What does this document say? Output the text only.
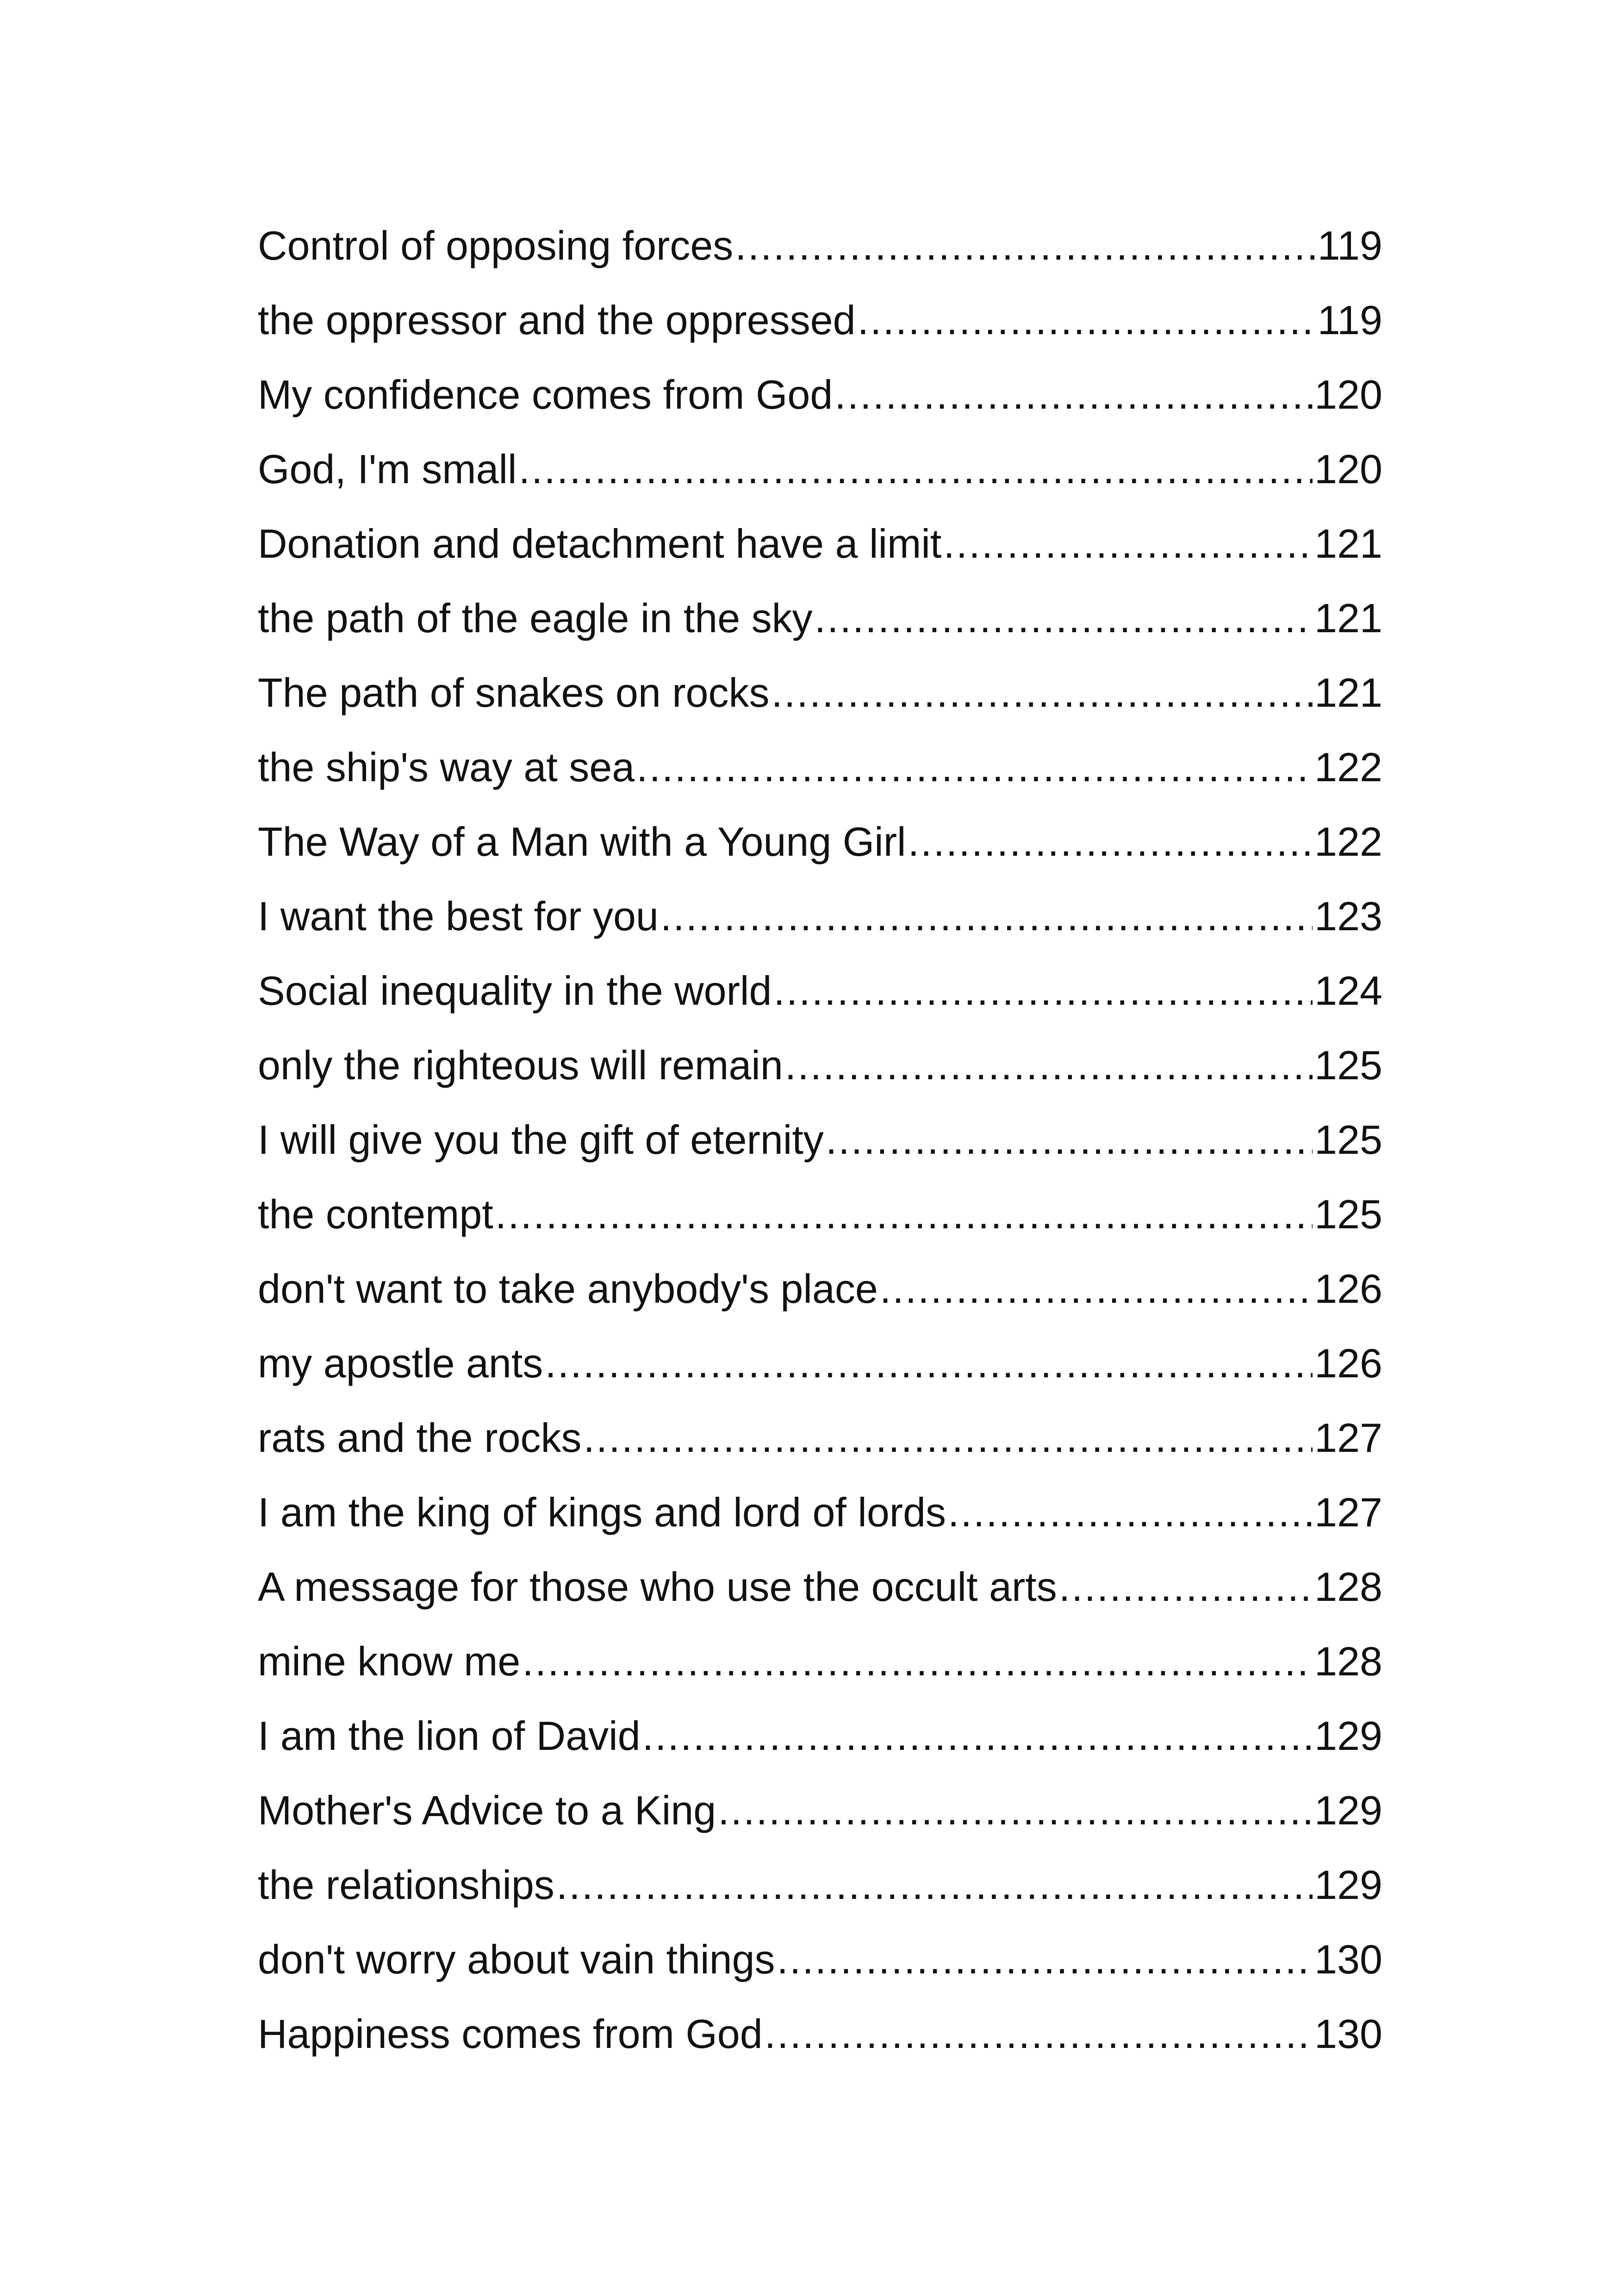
Control of opposing forces .....	119
the oppressor and the oppressed .....	119
My confidence comes from God .....	120
God, I'm small .....	120
Donation and detachment have a limit .....	121
the path of the eagle in the sky .....	121
The path of snakes on rocks .....	121
the ship's way at sea .....	122
The Way of a Man with a Young Girl .....	122
I want the best for you .....	123
Social inequality in the world .....	124
only the righteous will remain .....	125
I will give you the gift of eternity .....	125
the contempt .....	125
don't want to take anybody's place .....	126
my apostle ants .....	126
rats and the rocks .....	127
I am the king of kings and lord of lords .....	127
A message for those who use the occult arts .....	128
mine know me .....	128
I am the lion of David .....	129
Mother's Advice to a King .....	129
the relationships .....	129
don't worry about vain things .....	130
Happiness comes from God .....	130
